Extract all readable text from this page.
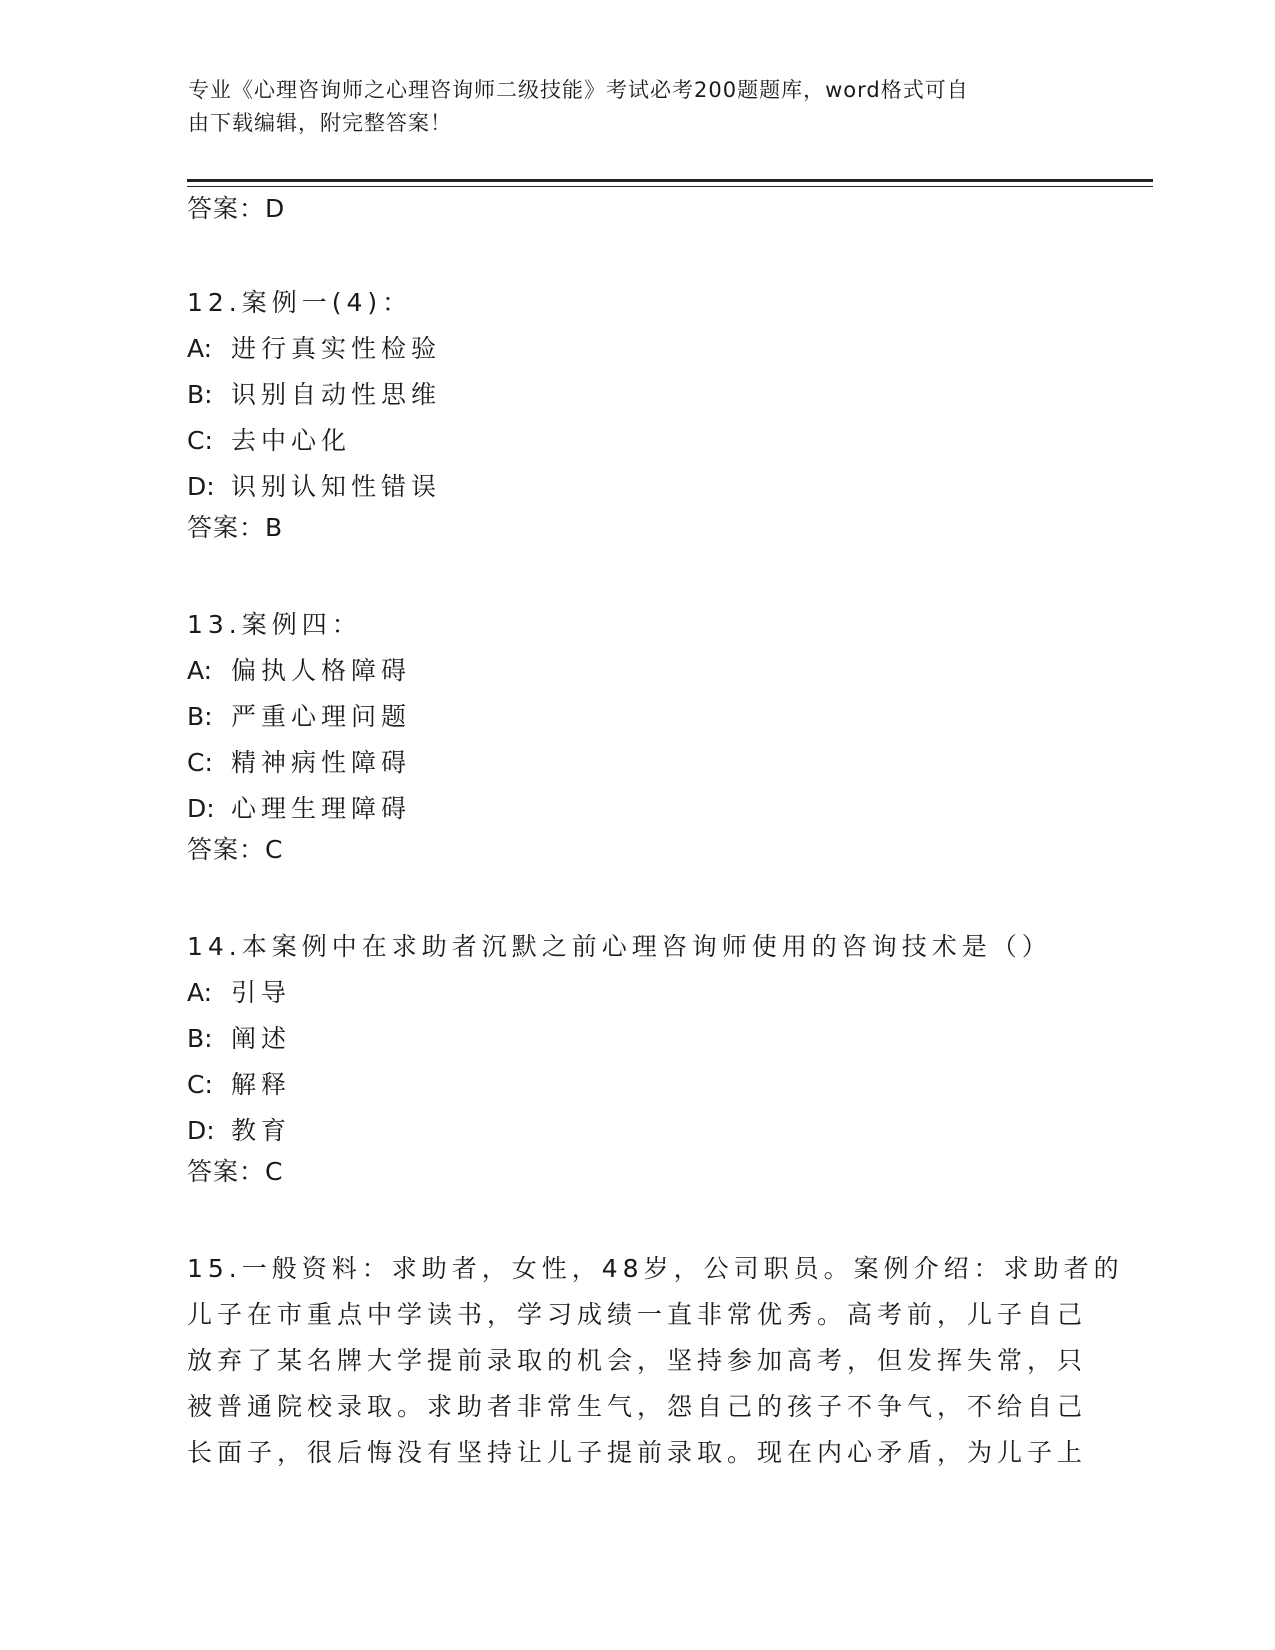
专业《心理咨询师之心理咨询师二级技能》考试必考200题题库，word格式可自
由下载编辑，附完整答案！
答案：D
12.案例一(4)：
A: 进行真实性检验
B: 识别自动性思维
C: 去中心化
D: 识别认知性错误
答案：B
13.案例四：
A: 偏执人格障碍
B: 严重心理问题
C: 精神病性障碍
D: 心理生理障碍
答案：C
14.本案例中在求助者沉默之前心理咨询师使用的咨询技术是（）
A: 引导
B: 阐述
C: 解释
D: 教育
答案：C
15.一般资料：求助者，女性，48岁，公司职员。案例介绍：求助者的
儿子在市重点中学读书，学习成绩一直非常优秀。高考前，儿子自己
放弃了某名牌大学提前录取的机会，坚持参加高考，但发挥失常，只
被普通院校录取。求助者非常生气，怨自己的孩子不争气，不给自己
长面子，很后悔没有坚持让儿子提前录取。现在内心矛盾，为儿子上
